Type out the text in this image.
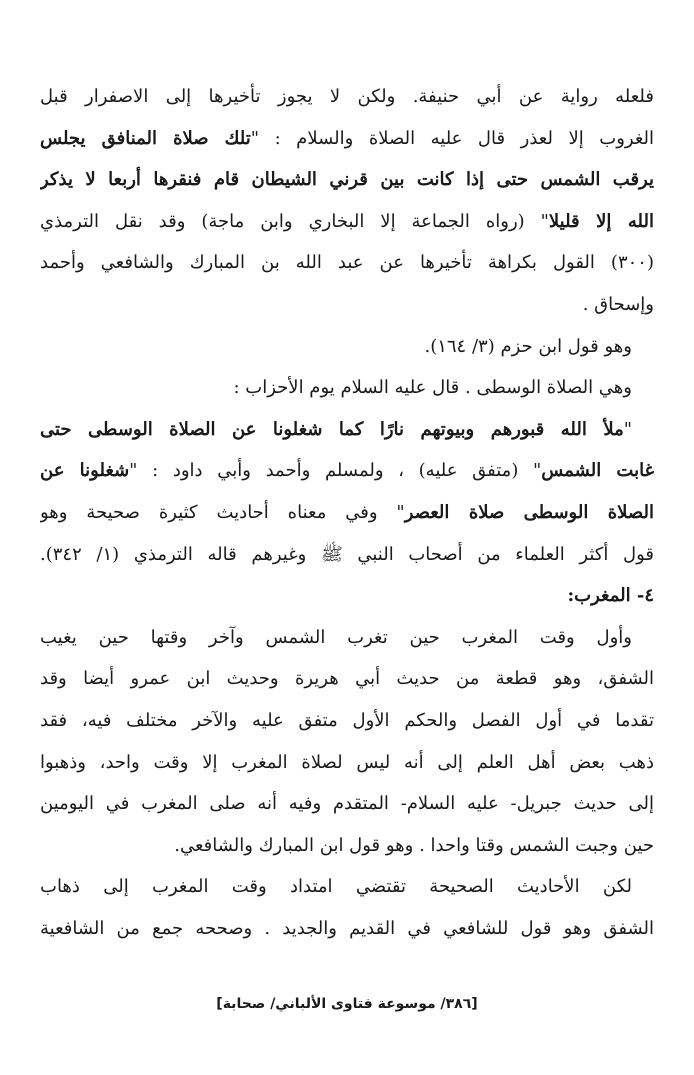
فلعله رواية عن أبي حنيفة. ولكن لا يجوز تأخيرها إلى الاصفرار قبل
الغروب إلا لعذر قال عليه الصلاة والسلام : "تلك صلاة المنافق يجلس
يرقب الشمس حتى إذا كانت بين قرني الشيطان قام فنقرها أربعا لا يذكر
الله إلا قليلا" (رواه الجماعة إلا البخاري وابن ماجة) وقد نقل الترمذي
(٣٠٠) القول بكراهة تأخيرها عن عبد الله بن المبارك والشافعي وأحمد
وإسحاق .
وهو قول ابن حزم (٣/ ١٦٤).
وهي الصلاة الوسطى . قال عليه السلام يوم الأحزاب :
"ملأ الله قبورهم وبيوتهم نارًا كما شغلونا عن الصلاة الوسطى حتى
غابت الشمس" (متفق عليه) ، ولمسلم وأحمد وأبي داود : "شغلونا عن
الصلاة الوسطى صلاة العصر" وفي معناه أحاديث كثيرة صحيحة وهو
قول أكثر العلماء من أصحاب النبي ﷺ وغيرهم قاله الترمذي (١/ ٣٤٢).
٤- المغرب:
وأول وقت المغرب حين تغرب الشمس وآخر وقتها حين يغيب
الشفق، وهو قطعة من حديث أبي هريرة وحديث ابن عمرو أيضا وقد
تقدما في أول الفصل والحكم الأول متفق عليه والآخر مختلف فيه، فقد
ذهب بعض أهل العلم إلى أنه ليس لصلاة المغرب إلا وقت واحد، وذهبوا
إلى حديث جبريل- عليه السلام- المتقدم وفيه أنه صلى المغرب في اليومين
حين وجبت الشمس وقتا واحدا . وهو قول ابن المبارك والشافعي.
لكن الأحاديث الصحيحة تقتضي امتداد وقت المغرب إلى ذهاب
الشفق وهو قول للشافعي في القديم والجديد . وصححه جمع من الشافعية
[٣٨٦/ موسوعة فتاوى الألباني/ صحابة]
